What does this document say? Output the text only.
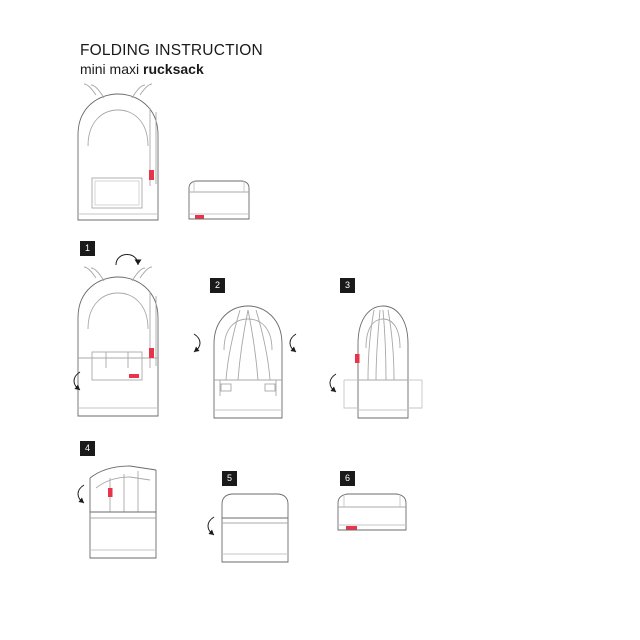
FOLDING INSTRUCTION
mini maxi rucksack
1
2	3
4
5	6
